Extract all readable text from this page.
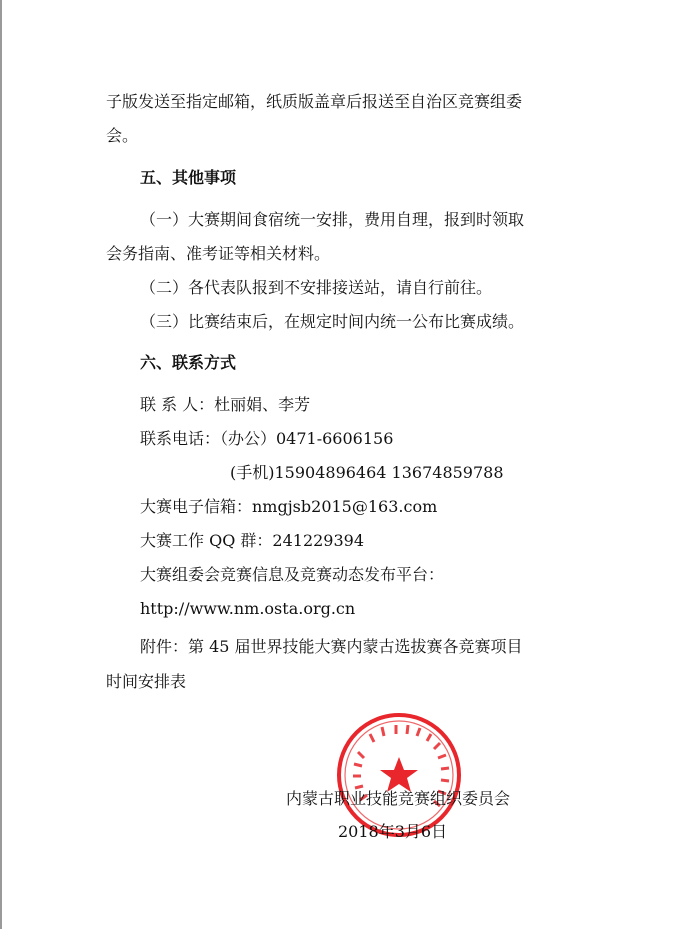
子版发送至指定邮箱，纸质版盖章后报送至自治区竞赛组委
会。
五、其他事项
（一）大赛期间食宿统一安排，费用自理，报到时领取
会务指南、准考证等相关材料。
（二）各代表队报到不安排接送站，请自行前往。
（三）比赛结束后，在规定时间内统一公布比赛成绩。
六、联系方式
联 系 人：杜丽娟、李芳
联系电话：（办公）0471-6606156
(手机)15904896464 13674859788
大赛电子信箱：nmgjsb2015@163.com
大赛工作 QQ 群：241229394
大赛组委会竞赛信息及竞赛动态发布平台：
http://www.nm.osta.org.cn
附件：第 45 届世界技能大赛内蒙古选拔赛各竞赛项目
时间安排表
内蒙古职业技能竞赛组织委员会
2018年3月6日
